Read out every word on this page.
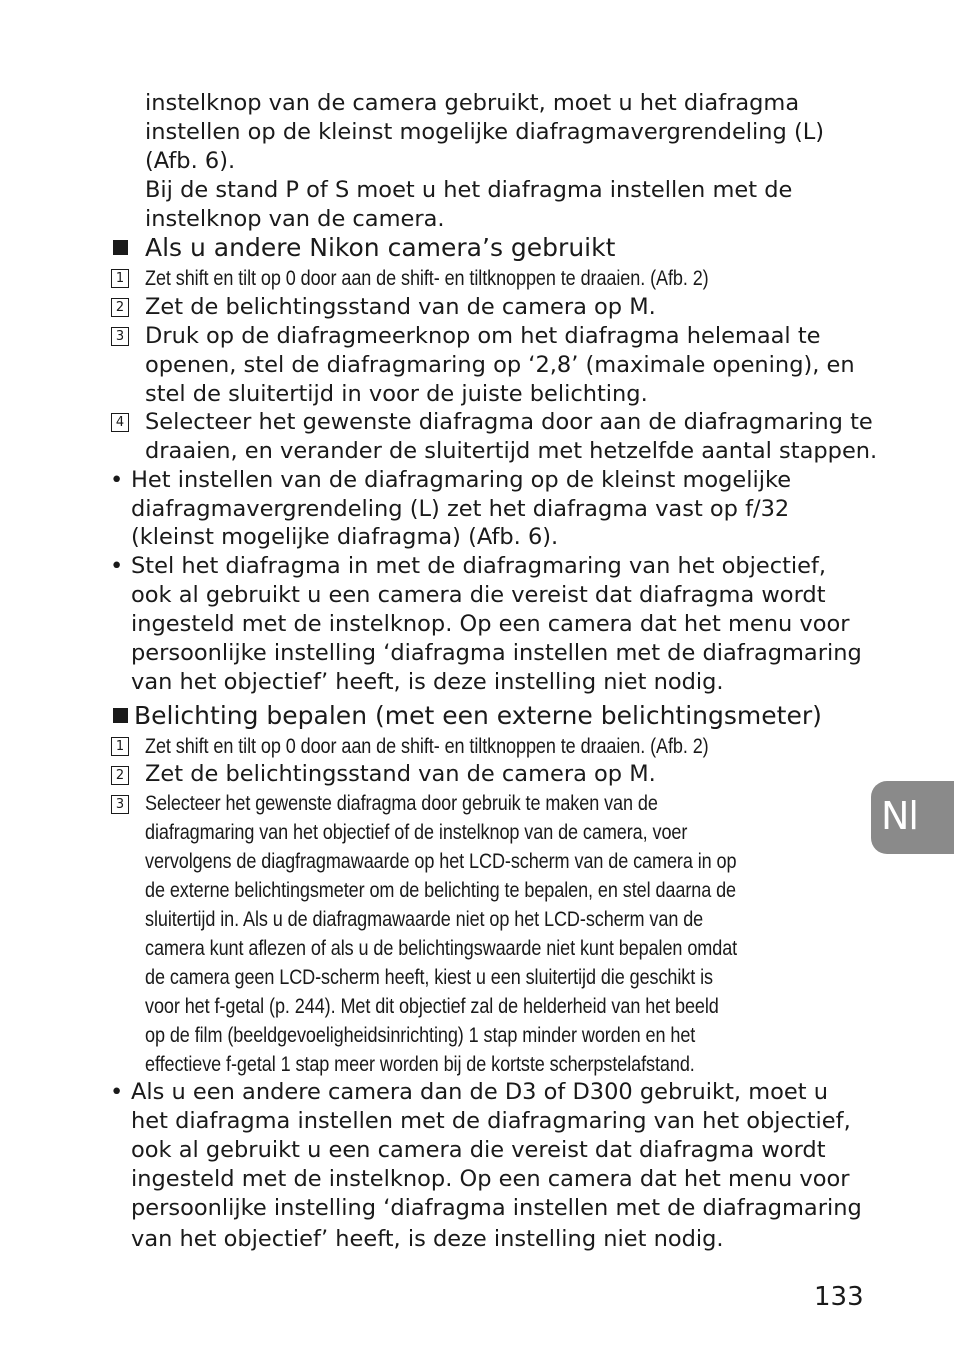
instelknop van de camera gebruikt, moet u het diafragma
instellen op de kleinst mogelijke diafragmavergrendeling (L)
(Afb. 6).
Bij de stand P of S moet u het diafragma instellen met de
instelknop van de camera.
Als u andere Nikon camera’s gebruikt
1 Zet shift en tilt op 0 door aan de shift- en tiltknoppen te draaien. (Afb. 2)
2 Zet de belichtingsstand van de camera op M.
3 Druk op de diafragmeerknop om het diafragma helemaal te
openen, stel de diafragmaring op ‘2,8’ (maximale opening), en
stel de sluitertijd in voor de juiste belichting.
4 Selecteer het gewenste diafragma door aan de diafragmaring te
draaien, en verander de sluitertijd met hetzelfde aantal stappen.
• Het instellen van de diafragmaring op de kleinst mogelijke
diafragmavergrendeling (L) zet het diafragma vast op f/32
(kleinst mogelijke diafragma) (Afb. 6).
• Stel het diafragma in met de diafragmaring van het objectief,
ook al gebruikt u een camera die vereist dat diafragma wordt
ingesteld met de instelknop. Op een camera dat het menu voor
persoonlijke instelling ‘diafragma instellen met de diafragmaring
van het objectief’ heeft, is deze instelling niet nodig.
Belichting bepalen (met een externe belichtingsmeter)
1 Zet shift en tilt op 0 door aan de shift- en tiltknoppen te draaien. (Afb. 2)
2 Zet de belichtingsstand van de camera op M.
3 Selecteer het gewenste diafragma door gebruik te maken van de
diafragmaring van het objectief of de instelknop van de camera, voer
vervolgens de diagfragmawaarde op het LCD-scherm van de camera in op
de externe belichtingsmeter om de belichting te bepalen, en stel daarna de
sluitertijd in. Als u de diafragmawaarde niet op het LCD-scherm van de
camera kunt aflezen of als u de belichtingswaarde niet kunt bepalen omdat
de camera geen LCD-scherm heeft, kiest u een sluitertijd die geschikt is
voor het f-getal (p. 244). Met dit objectief zal de helderheid van het beeld
op de film (beeldgevoeligheidsinrichting) 1 stap minder worden en het
effectieve f-getal 1 stap meer worden bij de kortste scherpstelafstand.
• Als u een andere camera dan de D3 of D300 gebruikt, moet u
het diafragma instellen met de diafragmaring van het objectief,
ook al gebruikt u een camera die vereist dat diafragma wordt
ingesteld met de instelknop. Op een camera dat het menu voor
persoonlijke instelling ‘diafragma instellen met de diafragmaring
van het objectief’ heeft, is deze instelling niet nodig.
Nl
133
